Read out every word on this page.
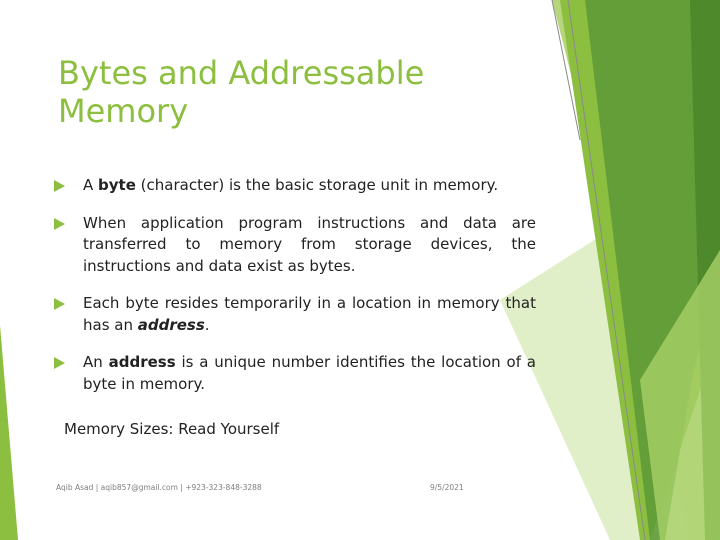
Bytes and Addressable Memory
A byte (character) is the basic storage unit in memory.
When application program instructions and data are transferred to memory from storage devices, the instructions and data exist as bytes.
Each byte resides temporarily in a location in memory that has an address.
An address is a unique number identifies the location of a byte in memory.

Memory Sizes: Read Yourself

Aqib Asad | aqib857@gmail.com | +923-323-848-3288	9/5/2021
